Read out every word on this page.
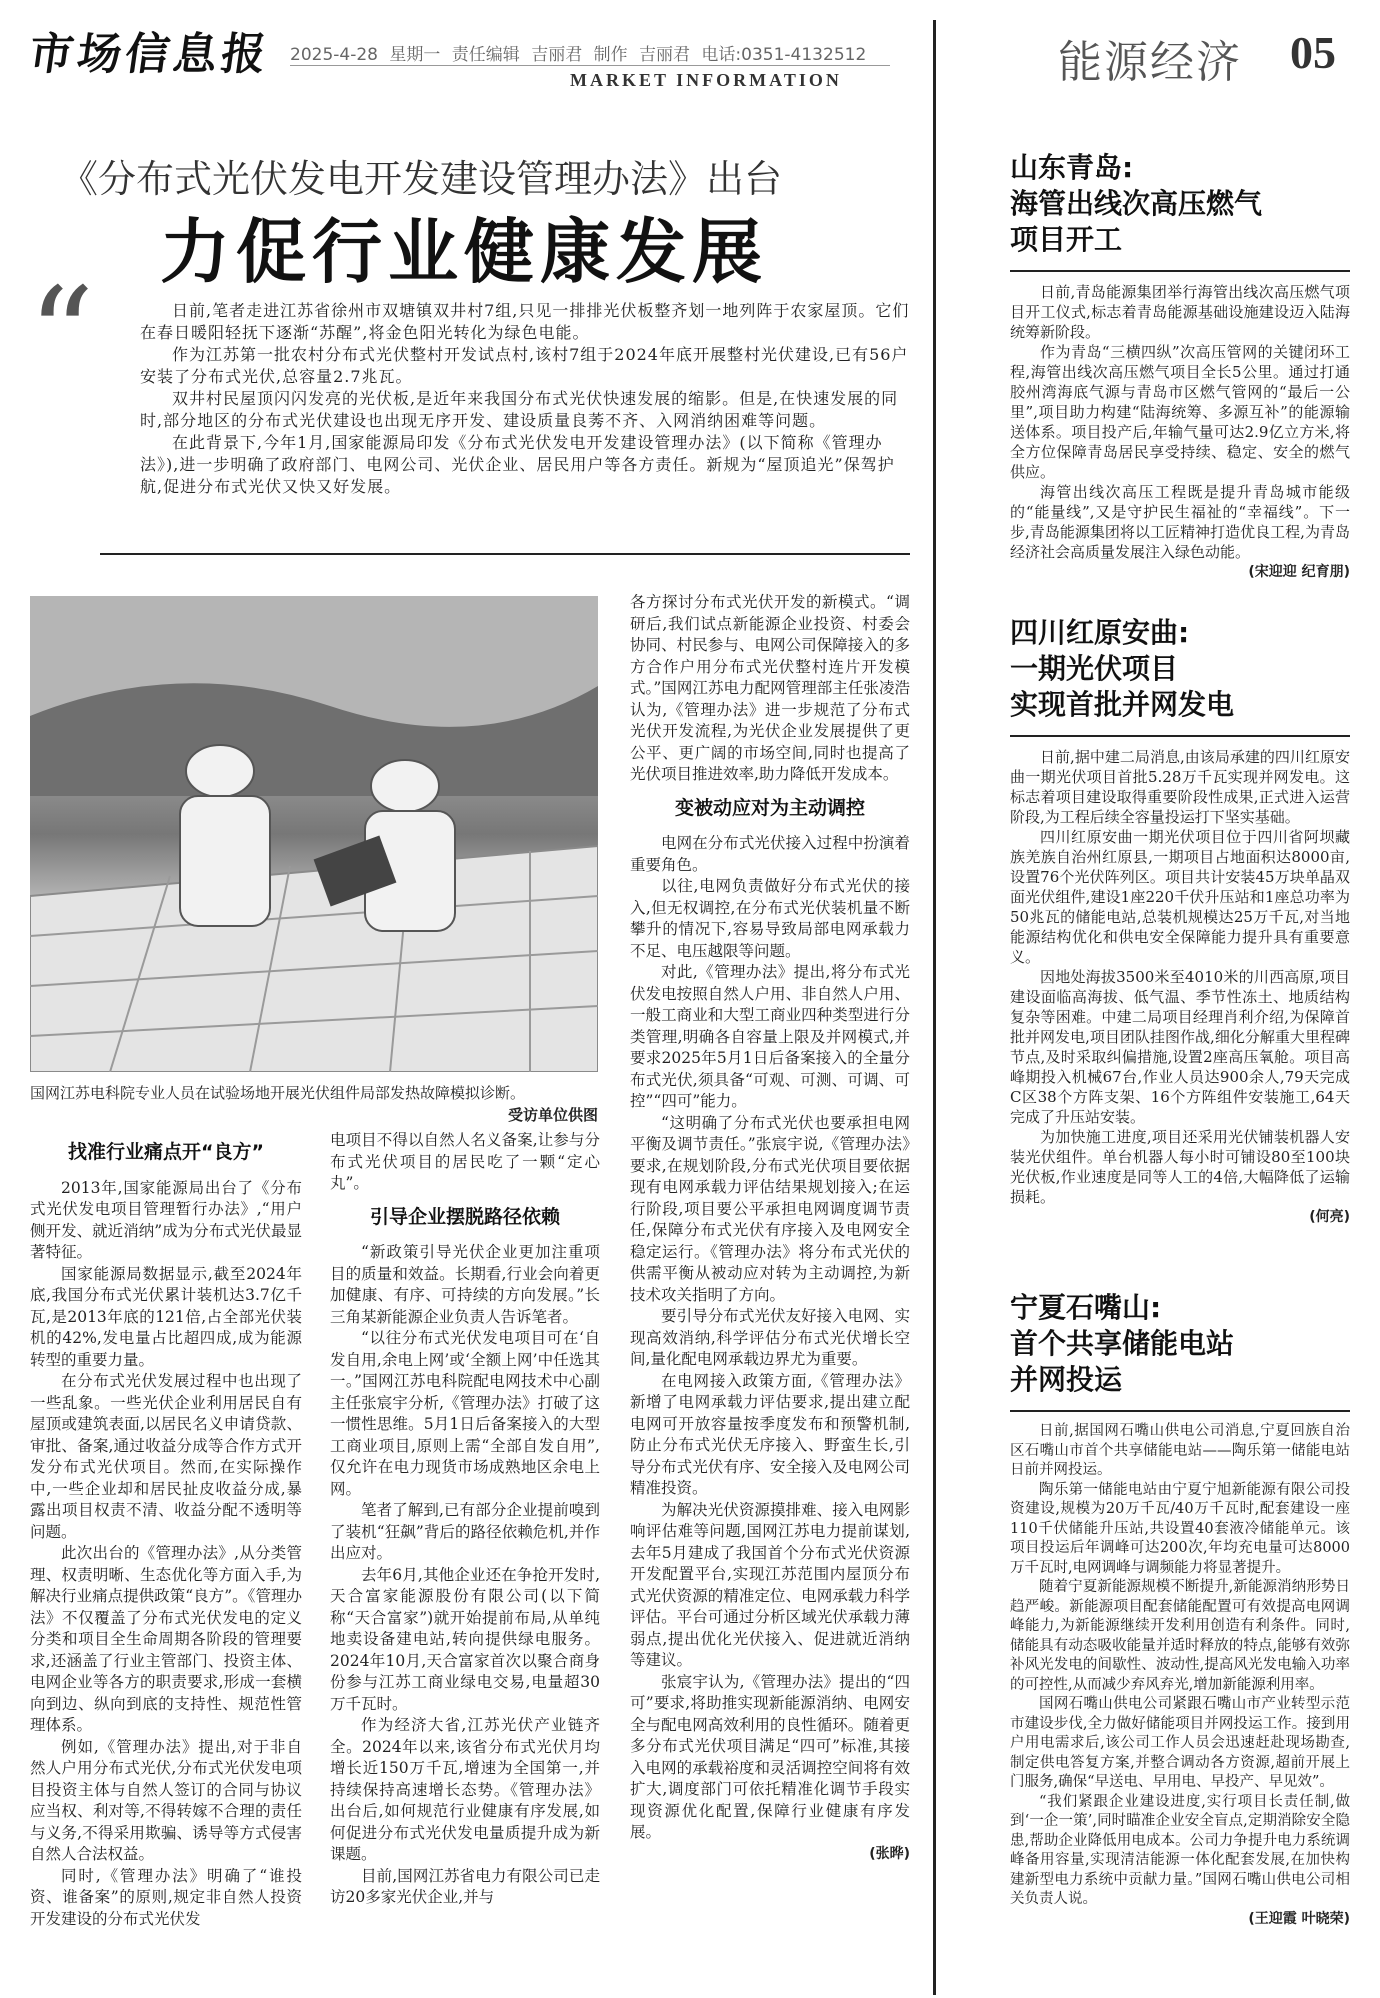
市场信息报 2025-4-28 星期一 责任编辑 吉丽君 制作 吉丽君 电话:0351-4132512
MARKET INFORMATION	能源经济 05
《分布式光伏发电开发建设管理办法》出台
力促行业健康发展
“	日前,笔者走进江苏省徐州市双塘镇双井村7组,只见一排排光伏板整齐划一地列阵于农家屋顶。它们在春日暖阳轻抚下逐渐“苏醒”,将金色阳光转化为绿色电能。

作为江苏第一批农村分布式光伏整村开发试点村,该村7组于2024年底开展整村光伏建设,已有56户安装了分布式光伏,总容量2.7兆瓦。

双井村民屋顶闪闪发亮的光伏板,是近年来我国分布式光伏快速发展的缩影。但是,在快速发展的同时,部分地区的分布式光伏建设也出现无序开发、建设质量良莠不齐、入网消纳困难等问题。

在此背景下,今年1月,国家能源局印发《分布式光伏发电开发建设管理办法》(以下简称《管理办法》),进一步明确了政府部门、电网公司、光伏企业、居民用户等各方责任。新规为“屋顶追光”保驾护航,促进分布式光伏又快又好发展。

国网江苏电科院专业人员在试验场地开展光伏组件局部发热故障模拟诊断。
受访单位供图
找准行业痛点开“良方”

2013年,国家能源局出台了《分布式光伏发电项目管理暂行办法》,“用户侧开发、就近消纳”成为分布式光伏最显著特征。

国家能源局数据显示,截至2024年底,我国分布式光伏累计装机达3.7亿千瓦,是2013年底的121倍,占全部光伏装机的42%,发电量占比超四成,成为能源转型的重要力量。

在分布式光伏发展过程中也出现了一些乱象。一些光伏企业利用居民自有屋顶或建筑表面,以居民名义申请贷款、审批、备案,通过收益分成等合作方式开发分布式光伏项目。然而,在实际操作中,一些企业却和居民扯皮收益分成,暴露出项目权责不清、收益分配不透明等问题。

此次出台的《管理办法》,从分类管理、权责明晰、生态优化等方面入手,为解决行业痛点提供政策“良方”。《管理办法》不仅覆盖了分布式光伏发电的定义分类和项目全生命周期各阶段的管理要求,还涵盖了行业主管部门、投资主体、电网企业等各方的职责要求,形成一套横向到边、纵向到底的支持性、规范性管理体系。

例如,《管理办法》提出,对于非自然人户用分布式光伏,分布式光伏发电项目投资主体与自然人签订的合同与协议应当权、利对等,不得转嫁不合理的责任与义务,不得采用欺骗、诱导等方式侵害自然人合法权益。

同时,《管理办法》明确了“谁投资、谁备案”的原则,规定非自然人投资开发建设的分布式光伏发

电项目不得以自然人名义备案,让参与分布式光伏项目的居民吃了一颗“定心丸”。

引导企业摆脱路径依赖

“新政策引导光伏企业更加注重项目的质量和效益。长期看,行业会向着更加健康、有序、可持续的方向发展。”长三角某新能源企业负责人告诉笔者。

“以往分布式光伏发电项目可在‘自发自用,余电上网’或‘全额上网’中任选其一。”国网江苏电科院配电网技术中心副主任张宸宇分析,《管理办法》打破了这一惯性思维。5月1日后备案接入的大型工商业项目,原则上需“全部自发自用”,仅允许在电力现货市场成熟地区余电上网。

笔者了解到,已有部分企业提前嗅到了装机“狂飙”背后的路径依赖危机,并作出应对。

去年6月,其他企业还在争抢开发时,天合富家能源股份有限公司(以下简称“天合富家”)就开始提前布局,从单纯地卖设备建电站,转向提供绿电服务。2024年10月,天合富家首次以聚合商身份参与江苏工商业绿电交易,电量超30万千瓦时。

作为经济大省,江苏光伏产业链齐全。2024年以来,该省分布式光伏月均增长近150万千瓦,增速为全国第一,并持续保持高速增长态势。《管理办法》出台后,如何规范行业健康有序发展,如何促进分布式光伏发电量质提升成为新课题。

目前,国网江苏省电力有限公司已走访20多家光伏企业,并与

各方探讨分布式光伏开发的新模式。“调研后,我们试点新能源企业投资、村委会协同、村民参与、电网公司保障接入的多方合作户用分布式光伏整村连片开发模式。”国网江苏电力配网管理部主任张凌浩认为,《管理办法》进一步规范了分布式光伏开发流程,为光伏企业发展提供了更公平、更广阔的市场空间,同时也提高了光伏项目推进效率,助力降低开发成本。

变被动应对为主动调控

电网在分布式光伏接入过程中扮演着重要角色。

以往,电网负责做好分布式光伏的接入,但无权调控,在分布式光伏装机量不断攀升的情况下,容易导致局部电网承载力不足、电压越限等问题。

对此,《管理办法》提出,将分布式光伏发电按照自然人户用、非自然人户用、一般工商业和大型工商业四种类型进行分类管理,明确各自容量上限及并网模式,并要求2025年5月1日后备案接入的全量分布式光伏,须具备“可观、可测、可调、可控”“四可”能力。

“这明确了分布式光伏也要承担电网平衡及调节责任。”张宸宇说,《管理办法》要求,在规划阶段,分布式光伏项目要依据现有电网承载力评估结果规划接入;在运行阶段,项目要公平承担电网调度调节责任,保障分布式光伏有序接入及电网安全稳定运行。《管理办法》将分布式光伏的供需平衡从被动应对转为主动调控,为新技术攻关指明了方向。

要引导分布式光伏友好接入电网、实现高效消纳,科学评估分布式光伏增长空间,量化配电网承载边界尤为重要。

在电网接入政策方面,《管理办法》新增了电网承载力评估要求,提出建立配电网可开放容量按季度发布和预警机制,防止分布式光伏无序接入、野蛮生长,引导分布式光伏有序、安全接入及电网公司精准投资。

为解决光伏资源摸排难、接入电网影响评估难等问题,国网江苏电力提前谋划,去年5月建成了我国首个分布式光伏资源开发配置平台,实现江苏范围内屋顶分布式光伏资源的精准定位、电网承载力科学评估。平台可通过分析区域光伏承载力薄弱点,提出优化光伏接入、促进就近消纳等建议。

张宸宇认为,《管理办法》提出的“四可”要求,将助推实现新能源消纳、电网安全与配电网高效利用的良性循环。随着更多分布式光伏项目满足“四可”标准,其接入电网的承载裕度和灵活调控空间将有效扩大,调度部门可依托精准化调节手段实现资源优化配置,保障行业健康有序发展。

(张晔)
山东青岛:
海管出线次高压燃气
项目开工

日前,青岛能源集团举行海管出线次高压燃气项目开工仪式,标志着青岛能源基础设施建设迈入陆海统筹新阶段。

作为青岛“三横四纵”次高压管网的关键闭环工程,海管出线次高压燃气项目全长5公里。通过打通胶州湾海底气源与青岛市区燃气管网的“最后一公里”,项目助力构建“陆海统筹、多源互补”的能源输送体系。项目投产后,年输气量可达2.9亿立方米,将全方位保障青岛居民享受持续、稳定、安全的燃气供应。

海管出线次高压工程既是提升青岛城市能级的“能量线”,又是守护民生福祉的“幸福线”。下一步,青岛能源集团将以工匠精神打造优良工程,为青岛经济社会高质量发展注入绿色动能。

(宋迎迎 纪育朋)
四川红原安曲:
一期光伏项目
实现首批并网发电

日前,据中建二局消息,由该局承建的四川红原安曲一期光伏项目首批5.28万千瓦实现并网发电。这标志着项目建设取得重要阶段性成果,正式进入运营阶段,为工程后续全容量投运打下坚实基础。

四川红原安曲一期光伏项目位于四川省阿坝藏族羌族自治州红原县,一期项目占地面积达8000亩,设置76个光伏阵列区。项目共计安装45万块单晶双面光伏组件,建设1座220千伏升压站和1座总功率为50兆瓦的储能电站,总装机规模达25万千瓦,对当地能源结构优化和供电安全保障能力提升具有重要意义。

因地处海拔3500米至4010米的川西高原,项目建设面临高海拔、低气温、季节性冻土、地质结构复杂等困难。中建二局项目经理肖利介绍,为保障首批并网发电,项目团队挂图作战,细化分解重大里程碑节点,及时采取纠偏措施,设置2座高压氧舱。项目高峰期投入机械67台,作业人员达900余人,79天完成C区38个方阵支架、16个方阵组件安装施工,64天完成了升压站安装。

为加快施工进度,项目还采用光伏铺装机器人安装光伏组件。单台机器人每小时可铺设80至100块光伏板,作业速度是同等人工的4倍,大幅降低了运输损耗。

(何亮)
宁夏石嘴山:
首个共享储能电站
并网投运

日前,据国网石嘴山供电公司消息,宁夏回族自治区石嘴山市首个共享储能电站——陶乐第一储能电站日前并网投运。

陶乐第一储能电站由宁夏宁旭新能源有限公司投资建设,规模为20万千瓦/40万千瓦时,配套建设一座110千伏储能升压站,共设置40套液冷储能单元。该项目投运后年调峰可达200次,年均充电量可达8000万千瓦时,电网调峰与调频能力将显著提升。

随着宁夏新能源规模不断提升,新能源消纳形势日趋严峻。新能源项目配套储能配置可有效提高电网调峰能力,为新能源继续开发利用创造有利条件。同时,储能具有动态吸收能量并适时释放的特点,能够有效弥补风光发电的间歇性、波动性,提高风光发电输入功率的可控性,从而减少弃风弃光,增加新能源利用率。

国网石嘴山供电公司紧跟石嘴山市产业转型示范市建设步伐,全力做好储能项目并网投运工作。接到用户用电需求后,该公司工作人员会迅速赶赴现场勘查,制定供电答复方案,并整合调动各方资源,超前开展上门服务,确保“早送电、早用电、早投产、早见效”。

“我们紧跟企业建设进度,实行项目长责任制,做到‘一企一策’,同时瞄准企业安全盲点,定期消除安全隐患,帮助企业降低用电成本。公司力争提升电力系统调峰备用容量,实现清洁能源一体化配套发展,在加快构建新型电力系统中贡献力量。”国网石嘴山供电公司相关负责人说。

(王迎霞 叶晓荣)
